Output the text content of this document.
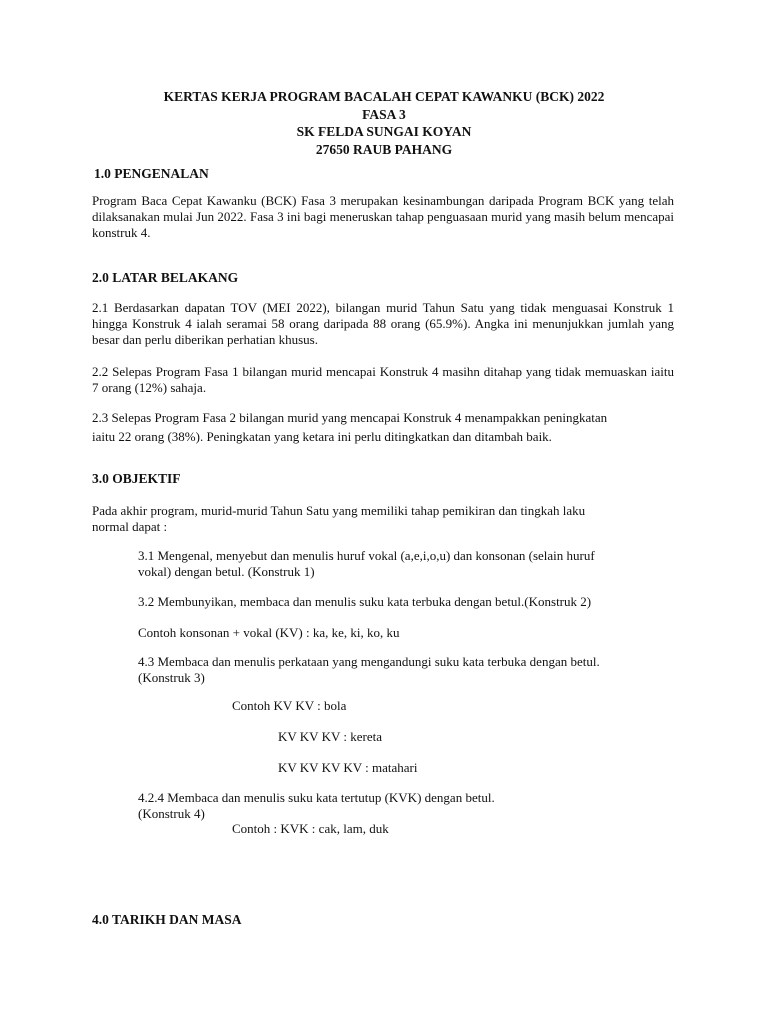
KERTAS KERJA PROGRAM BACALAH CEPAT KAWANKU (BCK) 2022
FASA 3
SK FELDA SUNGAI KOYAN
27650 RAUB PAHANG
1.0 PENGENALAN
Program Baca Cepat Kawanku (BCK) Fasa 3 merupakan kesinambungan daripada Program BCK yang telah dilaksanakan mulai Jun 2022. Fasa 3 ini bagi meneruskan tahap penguasaan murid yang masih belum mencapai konstruk 4.
2.0 LATAR BELAKANG
2.1 Berdasarkan dapatan TOV (MEI 2022), bilangan murid Tahun Satu yang tidak menguasai Konstruk 1 hingga Konstruk 4 ialah seramai 58 orang daripada 88 orang (65.9%). Angka ini menunjukkan jumlah yang besar dan perlu diberikan perhatian khusus.
2.2 Selepas Program Fasa 1 bilangan murid mencapai Konstruk 4 masihn ditahap yang tidak memuaskan iaitu 7 orang (12%) sahaja.
2.3 Selepas Program Fasa 2 bilangan murid yang mencapai Konstruk 4 menampakkan peningkatan
iaitu 22 orang (38%). Peningkatan yang ketara ini perlu ditingkatkan dan ditambah baik.
3.0 OBJEKTIF
Pada akhir program, murid-murid Tahun Satu yang memiliki tahap pemikiran dan tingkah laku
normal dapat :
3.1 Mengenal, menyebut dan menulis huruf vokal (a,e,i,o,u) dan konsonan (selain huruf
vokal) dengan betul. (Konstruk 1)
3.2 Membunyikan, membaca dan menulis suku kata terbuka dengan betul.(Konstruk 2)
Contoh konsonan + vokal (KV) : ka, ke, ki, ko, ku
4.3 Membaca dan menulis perkataan yang mengandungi suku kata terbuka dengan betul.
(Konstruk 3)
Contoh KV KV : bola
KV KV KV : kereta
KV KV KV KV : matahari
4.2.4 Membaca dan menulis suku kata tertutup (KVK) dengan betul.
(Konstruk 4)
Contoh : KVK : cak, lam, duk
4.0 TARIKH DAN MASA
